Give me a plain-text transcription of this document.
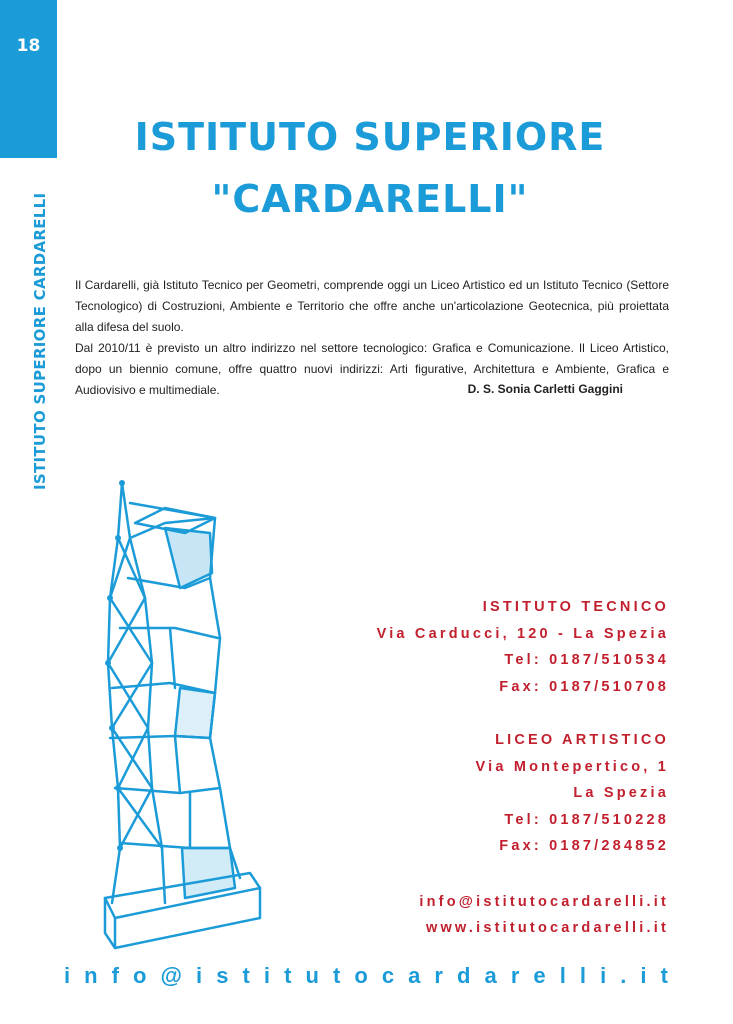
18
ISTITUTO SUPERIORE CARDARELLI
ISTITUTO SUPERIORE
"CARDARELLI"

Il Cardarelli, già Istituto Tecnico per Geometri, comprende oggi un Liceo Artistico ed un Istituto Tecnico (Settore Tecnologico) di Costruzioni, Ambiente e Territorio che offre anche un'articolazione Geotecnica, più proiettata alla difesa del suolo.

Dal 2010/11 è previsto un altro indirizzo nel settore tecnologico: Grafica e Comunicazione. Il Liceo Artistico, dopo un biennio comune, offre quattro nuovi indirizzi: Arti figurative, Architettura e Ambiente, Grafica e Audiovisivo e multimediale.	D. S. Sonia Carletti Gaggini
ISTITUTO TECNICO
Via Carducci, 120 - La Spezia
Tel: 0187/510534
Fax: 0187/510708
LICEO ARTISTICO
Via Montepertico, 1
La Spezia
Tel: 0187/510228
Fax: 0187/284852
info@istitutocardarelli.it
www.istitutocardarelli.it
i n f o @ i s t i t u t o c a r d a r e l l i . i t
